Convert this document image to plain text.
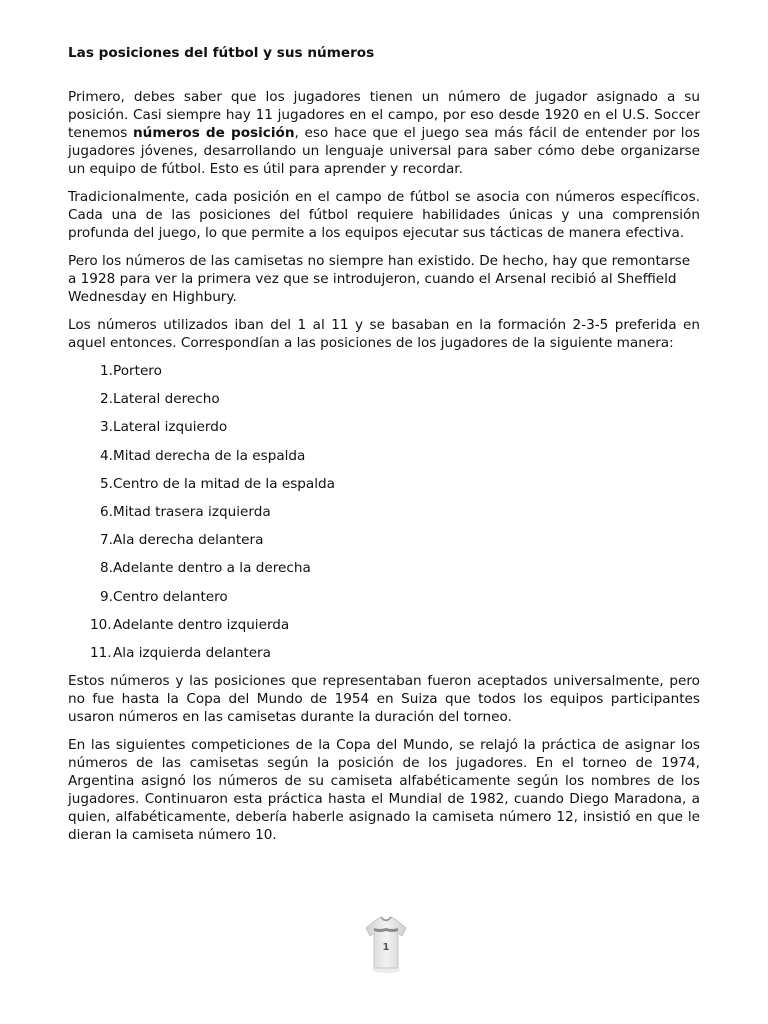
Las posiciones del fútbol y sus números

Primero, debes saber que los jugadores tienen un número de jugador asignado a su posición. Casi siempre hay 11 jugadores en el campo, por eso desde 1920 en el U.S. Soccer tenemos números de posición, eso hace que el juego sea más fácil de entender por los jugadores jóvenes, desarrollando un lenguaje universal para saber cómo debe organizarse un equipo de fútbol. Esto es útil para aprender y recordar.

Tradicionalmente, cada posición en el campo de fútbol se asocia con números específicos. Cada una de las posiciones del fútbol requiere habilidades únicas y una comprensión profunda del juego, lo que permite a los equipos ejecutar sus tácticas de manera efectiva.

Pero los números de las camisetas no siempre han existido. De hecho, hay que remontarse a 1928 para ver la primera vez que se introdujeron, cuando el Arsenal recibió al Sheffield Wednesday en Highbury.

Los números utilizados iban del 1 al 11 y se basaban en la formación 2-3-5 preferida en aquel entonces. Correspondían a las posiciones de los jugadores de la siguiente manera:

1. Portero
2. Lateral derecho
3. Lateral izquierdo
4. Mitad derecha de la espalda
5. Centro de la mitad de la espalda
6. Mitad trasera izquierda
7. Ala derecha delantera
8. Adelante dentro a la derecha
9. Centro delantero
10. Adelante dentro izquierda
11. Ala izquierda delantera

Estos números y las posiciones que representaban fueron aceptados universalmente, pero no fue hasta la Copa del Mundo de 1954 en Suiza que todos los equipos participantes usaron números en las camisetas durante la duración del torneo.

En las siguientes competiciones de la Copa del Mundo, se relajó la práctica de asignar los números de las camisetas según la posición de los jugadores. En el torneo de 1974, Argentina asignó los números de su camiseta alfabéticamente según los nombres de los jugadores. Continuaron esta práctica hasta el Mundial de 1982, cuando Diego Maradona, a quien, alfabéticamente, debería haberle asignado la camiseta número 12, insistió en que le dieran la camiseta número 10.

1
